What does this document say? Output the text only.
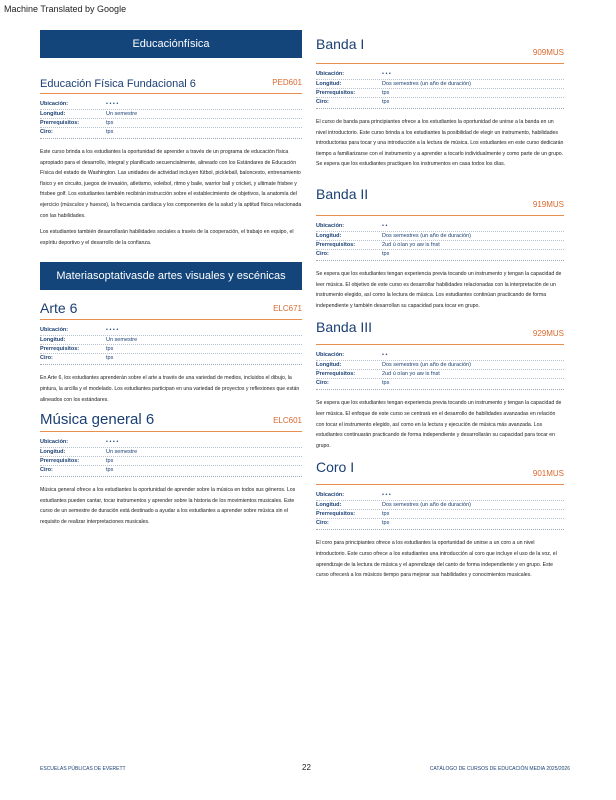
Machine Translated by Google
Educaciónfísica
Educación Física Fundacional 6	PED601
Ubicación:	• • • •
Longitud:	Un semestre
Prerrequisitos:	tps
Ciro:	tps

Este curso brinda a los estudiantes la oportunidad de aprender a través de un programa de educación física apropiado para el desarrollo, integral y planificado secuencialmente, alineado con los Estándares de Educación Física del estado de Washington. Las unidades de actividad incluyen fútbol, pickleball, baloncesto, entrenamiento físico y en circuito, juegos de invasión, atletismo, voleibol, ritmo y baile, warrior ball y cricket, y ultimate frisbee y frisbee golf. Los estudiantes también recibirán instrucción sobre el establecimiento de objetivos, la anatomía del ejercicio (músculos y huesos), la frecuencia cardíaca y los componentes de la salud y la aptitud física relacionada con las habilidades.

Los estudiantes también desarrollarán habilidades sociales a través de la cooperación, el trabajo en equipo, el espíritu deportivo y el desarrollo de la confianza.

Materiasoptativasde artes visuales y escénicas
Arte 6	ELC671
Ubicación:	• • • •
Longitud:	Un semestre
Prerrequisitos:	tps
Ciro:	tps

En Arte 6, los estudiantes aprenderán sobre el arte a través de una variedad de medios, incluidos el dibujo, la pintura, la arcilla y el modelado. Los estudiantes participan en una variedad de proyectos y reflexiones que están alineados con los estándares.

Música general 6	ELC601
Ubicación:	• • • •
Longitud:	Un semestre
Prerrequisitos:	tps
Ciro:	tps

Música general ofrece a los estudiantes la oportunidad de aprender sobre la música en todos sus géneros. Los estudiantes pueden cantar, tocar instrumentos y aprender sobre la historia de los movimientos musicales. Este curso de un semestre de duración está destinado a ayudar a los estudiantes a aprender sobre música sin el requisito de realizar interpretaciones musicales.

Banda I
909MUS
Ubicación:	• • •
Longitud:	Dos semestres (un año de duración)
Prerrequisitos:	tps
Ciro:	tps

El curso de banda para principiantes ofrece a los estudiantes la oportunidad de unirse a la banda en un nivel introductorio. Este curso brinda a los estudiantes la posibilidad de elegir un instrumento, habilidades introductorias para tocar y una introducción a la lectura de música. Los estudiantes en este curso dedicarán tiempo a familiarizarse con el instrumento y a aprender a tocarlo individualmente y como parte de un grupo. Se espera que los estudiantes practiquen los instrumentos en casa todos los días.

Banda II
919MUS
Ubicación:	• •
Longitud:	Dos semestres (un año de duración)
Prerrequisitos:	2ud ú oían yo aw is fnst
Ciro:	tps

Se espera que los estudiantes tengan experiencia previa tocando un instrumento y tengan la capacidad de leer música. El objetivo de este curso es desarrollar habilidades relacionadas con la interpretación de un instrumento elegido, así como la lectura de música. Los estudiantes continúan practicando de forma independiente y también desarrollan su capacidad para tocar en grupo.

Banda III	929MUS
Ubicación:	• •
Longitud:	Dos semestres (un año de duración)
Prerrequisitos:	2ud ú oían yo aw is fnst
Ciro:	tps

Se espera que los estudiantes tengan experiencia previa tocando un instrumento y tengan la capacidad de leer música. El enfoque de este curso se centrará en el desarrollo de habilidades avanzadas en relación con tocar el instrumento elegido, así como en la lectura y ejecución de música más avanzada. Los estudiantes continuarán practicando de forma independiente y desarrollarán su capacidad para tocar en grupo.

Coro I	901MUS
Ubicación:	• • •
Longitud:	Dos semestres (un año de duración)
Prerrequisitos:	tps
Ciro:	tps

El coro para principiantes ofrece a los estudiantes la oportunidad de unirse a un coro a un nivel introductorio. Este curso ofrece a los estudiantes una introducción al coro que incluye el uso de la voz, el aprendizaje de la lectura de música y el aprendizaje del canto de forma independiente y en grupo. Este curso ofrecerá a los músicos tiempo para mejorar sus habilidades y conocimientos musicales.

ESCUELAS PÚBLICAS DE EVERETT	22	CATÁLOGO DE CURSOS DE EDUCACIÓN MEDIA 2025/2026
